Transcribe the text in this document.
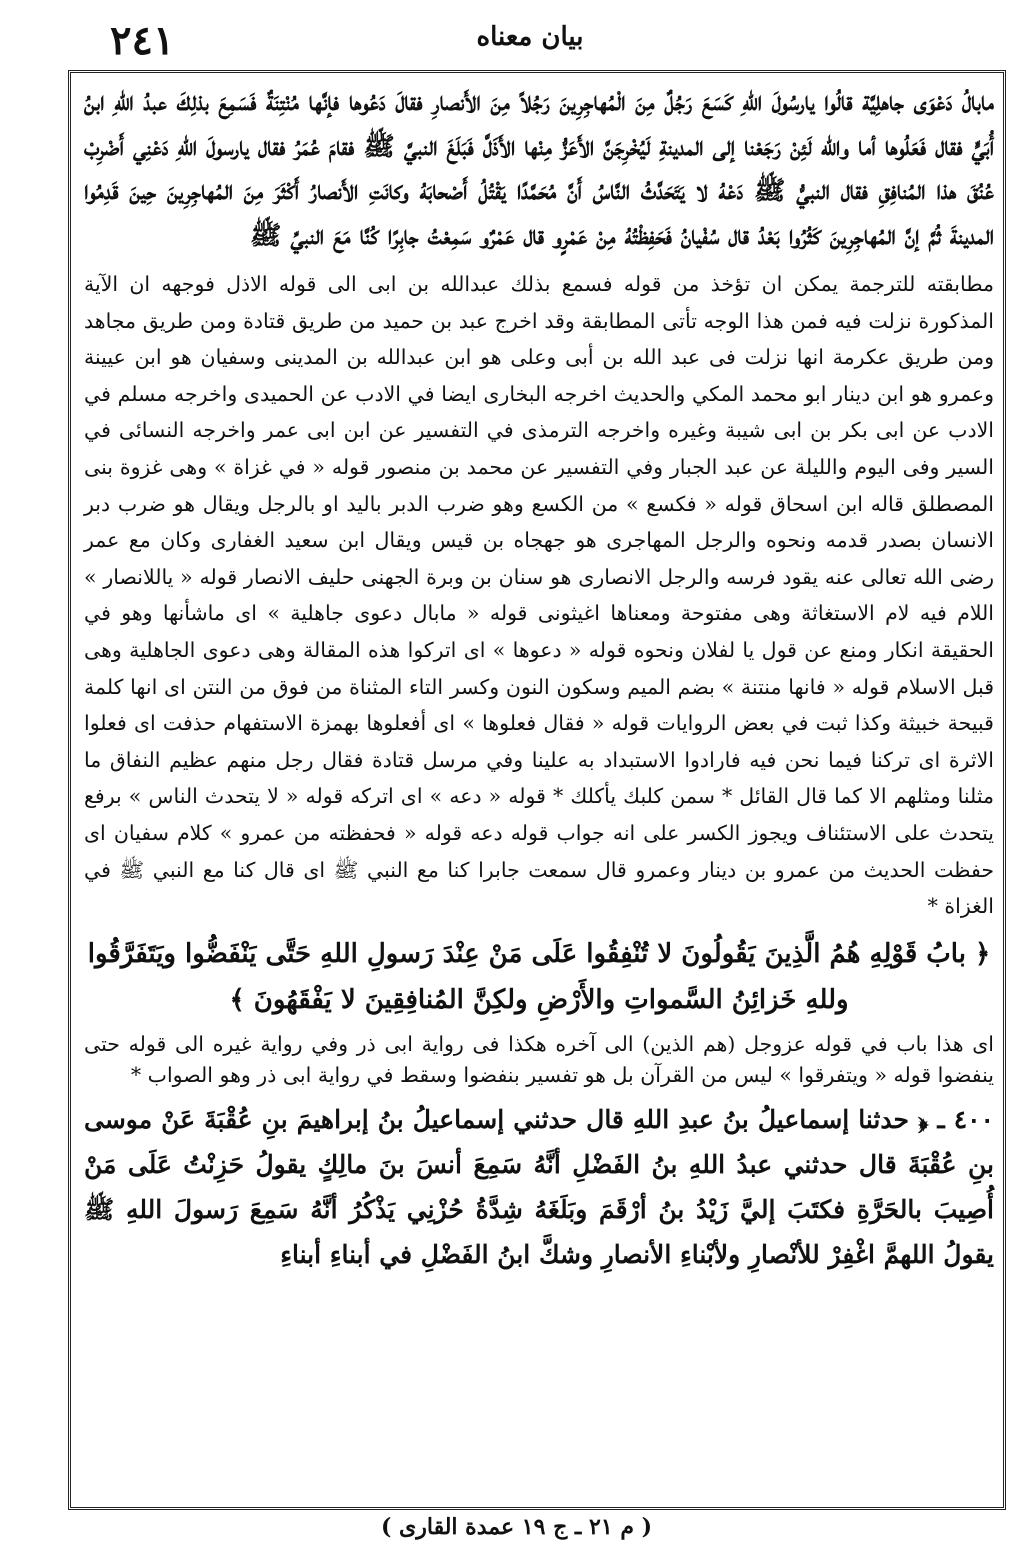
٢٤١	بيان معناه

مابالُ دَعْوَى جاهلِيَّة قالُوا يارسُولَ اللهِ كَسَعَ رَجُلٌ مِنَ الْمُهاجِرِينَ رَجُلاً مِنَ الأَنصارِ فقالَ دَعُوها فإنَّها مُنْتِنَةٌ فَسَمِعَ بذلِكَ عبدُ اللهِ ابنُ أُبَيٍّ فقال فَعَلُوها أما والله لَئِنْ رَجَعْنا إلى المدينةِ لَيُخْرِجَنَّ الأَعَزُّ مِنْها الأَذَلَّ فَبَلَغَ النبيَّ ﷺ فقامَ عُمَرُ فقال يارسولَ اللهِ دَعْنِي أَضْرِبْ عُنُقَ هذا المُنافِقِ فقال النبيُّ ﷺ دَعْهُ لا يَتَحَدَّثُ النَّاسُ أَنَّ مُحَمَّدًا يَقْتُلُ أَصْحابَهُ وكانَتِ الأَنصارُ أَكْثَرَ مِنَ المُهاجِرِينَ حِينَ قَدِمُوا المدينةَ ثُمَّ إنَّ المُهاجِرِينَ كَثُرُوا بَعْدُ قال سُفْيانُ فَحَفِظْتُهُ مِنْ عَمْرٍو قال عَمْرٌو سَمِعْتُ جابِرًا كُنَّا مَعَ النبيِّ ﷺ ‌‌

مطابقته للترجمة يمكن ان تؤخذ من قوله فسمع بذلك عبدالله بن ابى الى قوله الاذل فوجهه ان الآية المذكورة نزلت فيه فمن هذا الوجه تأتى المطابقة وقد اخرج عبد بن حميد من طريق قتادة ومن طريق مجاهد ومن طريق عكرمة انها نزلت فى عبد الله بن أبى وعلى هو ابن عبدالله بن المدينى وسفيان هو ابن عيينة وعمرو هو ابن دينار ابو محمد المكي والحديث اخرجه البخارى ايضا في الادب عن الحميدى واخرجه مسلم في الادب عن ابى بكر بن ابى شيبة وغيره واخرجه الترمذى في التفسير عن ابن ابى عمر واخرجه النسائى في السير وفى اليوم والليلة عن عبد الجبار وفي التفسير عن محمد بن منصور قوله « في غزاة » وهى غزوة بنى المصطلق قاله ابن اسحاق قوله « فكسع » من الكسع وهو ضرب الدبر باليد او بالرجل ويقال هو ضرب دبر الانسان بصدر قدمه ونحوه والرجل المهاجرى هو جهجاه بن قيس ويقال ابن سعيد الغفارى وكان مع عمر رضى الله تعالى عنه يقود فرسه والرجل الانصارى هو سنان بن وبرة الجهنى حليف الانصار قوله « ياللانصار » اللام فيه لام الاستغاثة وهى مفتوحة ومعناها اغيثونى قوله « مابال دعوى جاهلية » اى ماشأنها وهو في الحقيقة انكار ومنع عن قول يا لفلان ونحوه قوله « دعوها » اى اتركوا هذه المقالة وهى دعوى الجاهلية وهى قبل الاسلام قوله « فانها منتنة » بضم الميم وسكون النون وكسر التاء المثناة من فوق من النتن اى انها كلمة قبيحة خبيثة وكذا ثبت في بعض الروايات قوله « فقال فعلوها » اى أفعلوها بهمزة الاستفهام حذفت اى فعلوا الاثرة اى تركنا فيما نحن فيه فارادوا الاستبداد به علينا وفي مرسل قتادة فقال رجل منهم عظيم النفاق ما مثلنا ومثلهم الا كما قال القائل * سمن كلبك يأكلك * قوله « دعه » اى اتركه قوله « لا يتحدث الناس » برفع يتحدث على الاستئناف ويجوز الكسر على انه جواب قوله دعه قوله « فحفظته من عمرو » كلام سفيان اى حفظت الحديث من عمرو بن دينار وعمرو قال سمعت جابرا كنا مع النبي ﷺ اى قال كنا مع النبي ﷺ في الغزاة *

﴿ بابُ قَوْلِهِ هُمُ الَّذِينَ يَقُولُونَ لا تُنْفِقُوا عَلَى مَنْ عِنْدَ رَسولِ اللهِ حَتَّى يَنْفَضُّوا ويَتَفَرَّقُوا وللهِ خَزائِنُ السَّمواتِ والأَرْضِ ولكِنَّ المُنافِقِينَ لا يَفْقَهُونَ ﴾

اى هذا باب في قوله عزوجل (هم الذين) الى آخره هكذا فى رواية ابى ذر وفي رواية غيره الى قوله حتى ينفضوا قوله « ويتفرقوا » ليس من القرآن بل هو تفسير بنفضوا وسقط في رواية ابى ذر وهو الصواب *

٤٠٠ ـ ﴿ حدثنا إسماعيلُ بنُ عبدِ اللهِ قال حدثني إسماعيلُ بنُ إبراهيمَ بنِ عُقْبَةَ عَنْ موسى بنِ عُقْبَةَ قال حدثني عبدُ اللهِ بنُ الفَضْلِ أنَّهُ سَمِعَ أنسَ بنَ مالِكٍ يقولُ حَزِنْتُ عَلَى مَنْ أُصِيبَ بالحَرَّةِ فكتَبَ إليَّ زَيْدُ بنُ أرْقَمَ وبَلَغَهُ شِدَّةُ حُزْنِي يَذْكُرُ أنَّهُ سَمِعَ رَسولَ اللهِ ﷺ يقولُ اللهمَّ اغْفِرْ للأنْصارِ ولأبْناءِ الأنصارِ وشكَّ ابنُ الفَضْلِ في أبناءِ أبناءِ

( م ٢١ ـ ج ١٩ عمدة القارى )
